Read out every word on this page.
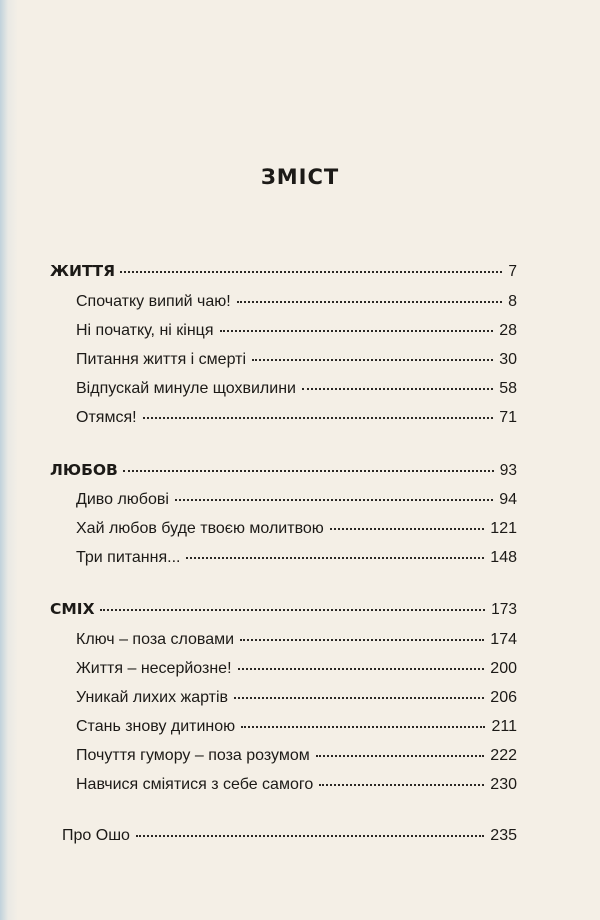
ЗМІСТ
ЖИТТЯ	7
Спочатку випий чаю!	8
Ні початку, ні кінця	28
Питання життя і смерті	30
Відпускай минуле щохвилини	58
Отямся!	71
ЛЮБОВ	93
Диво любові	94
Хай любов буде твоєю молитвою	121
Три питання...	148
СМІХ	173
Ключ – поза словами	174
Життя – несерйозне!	200
Уникай лихих жартів	206
Стань знову дитиною	211
Почуття гумору – поза розумом	222
Навчися сміятися з себе самого	230
Про Ошо	235
